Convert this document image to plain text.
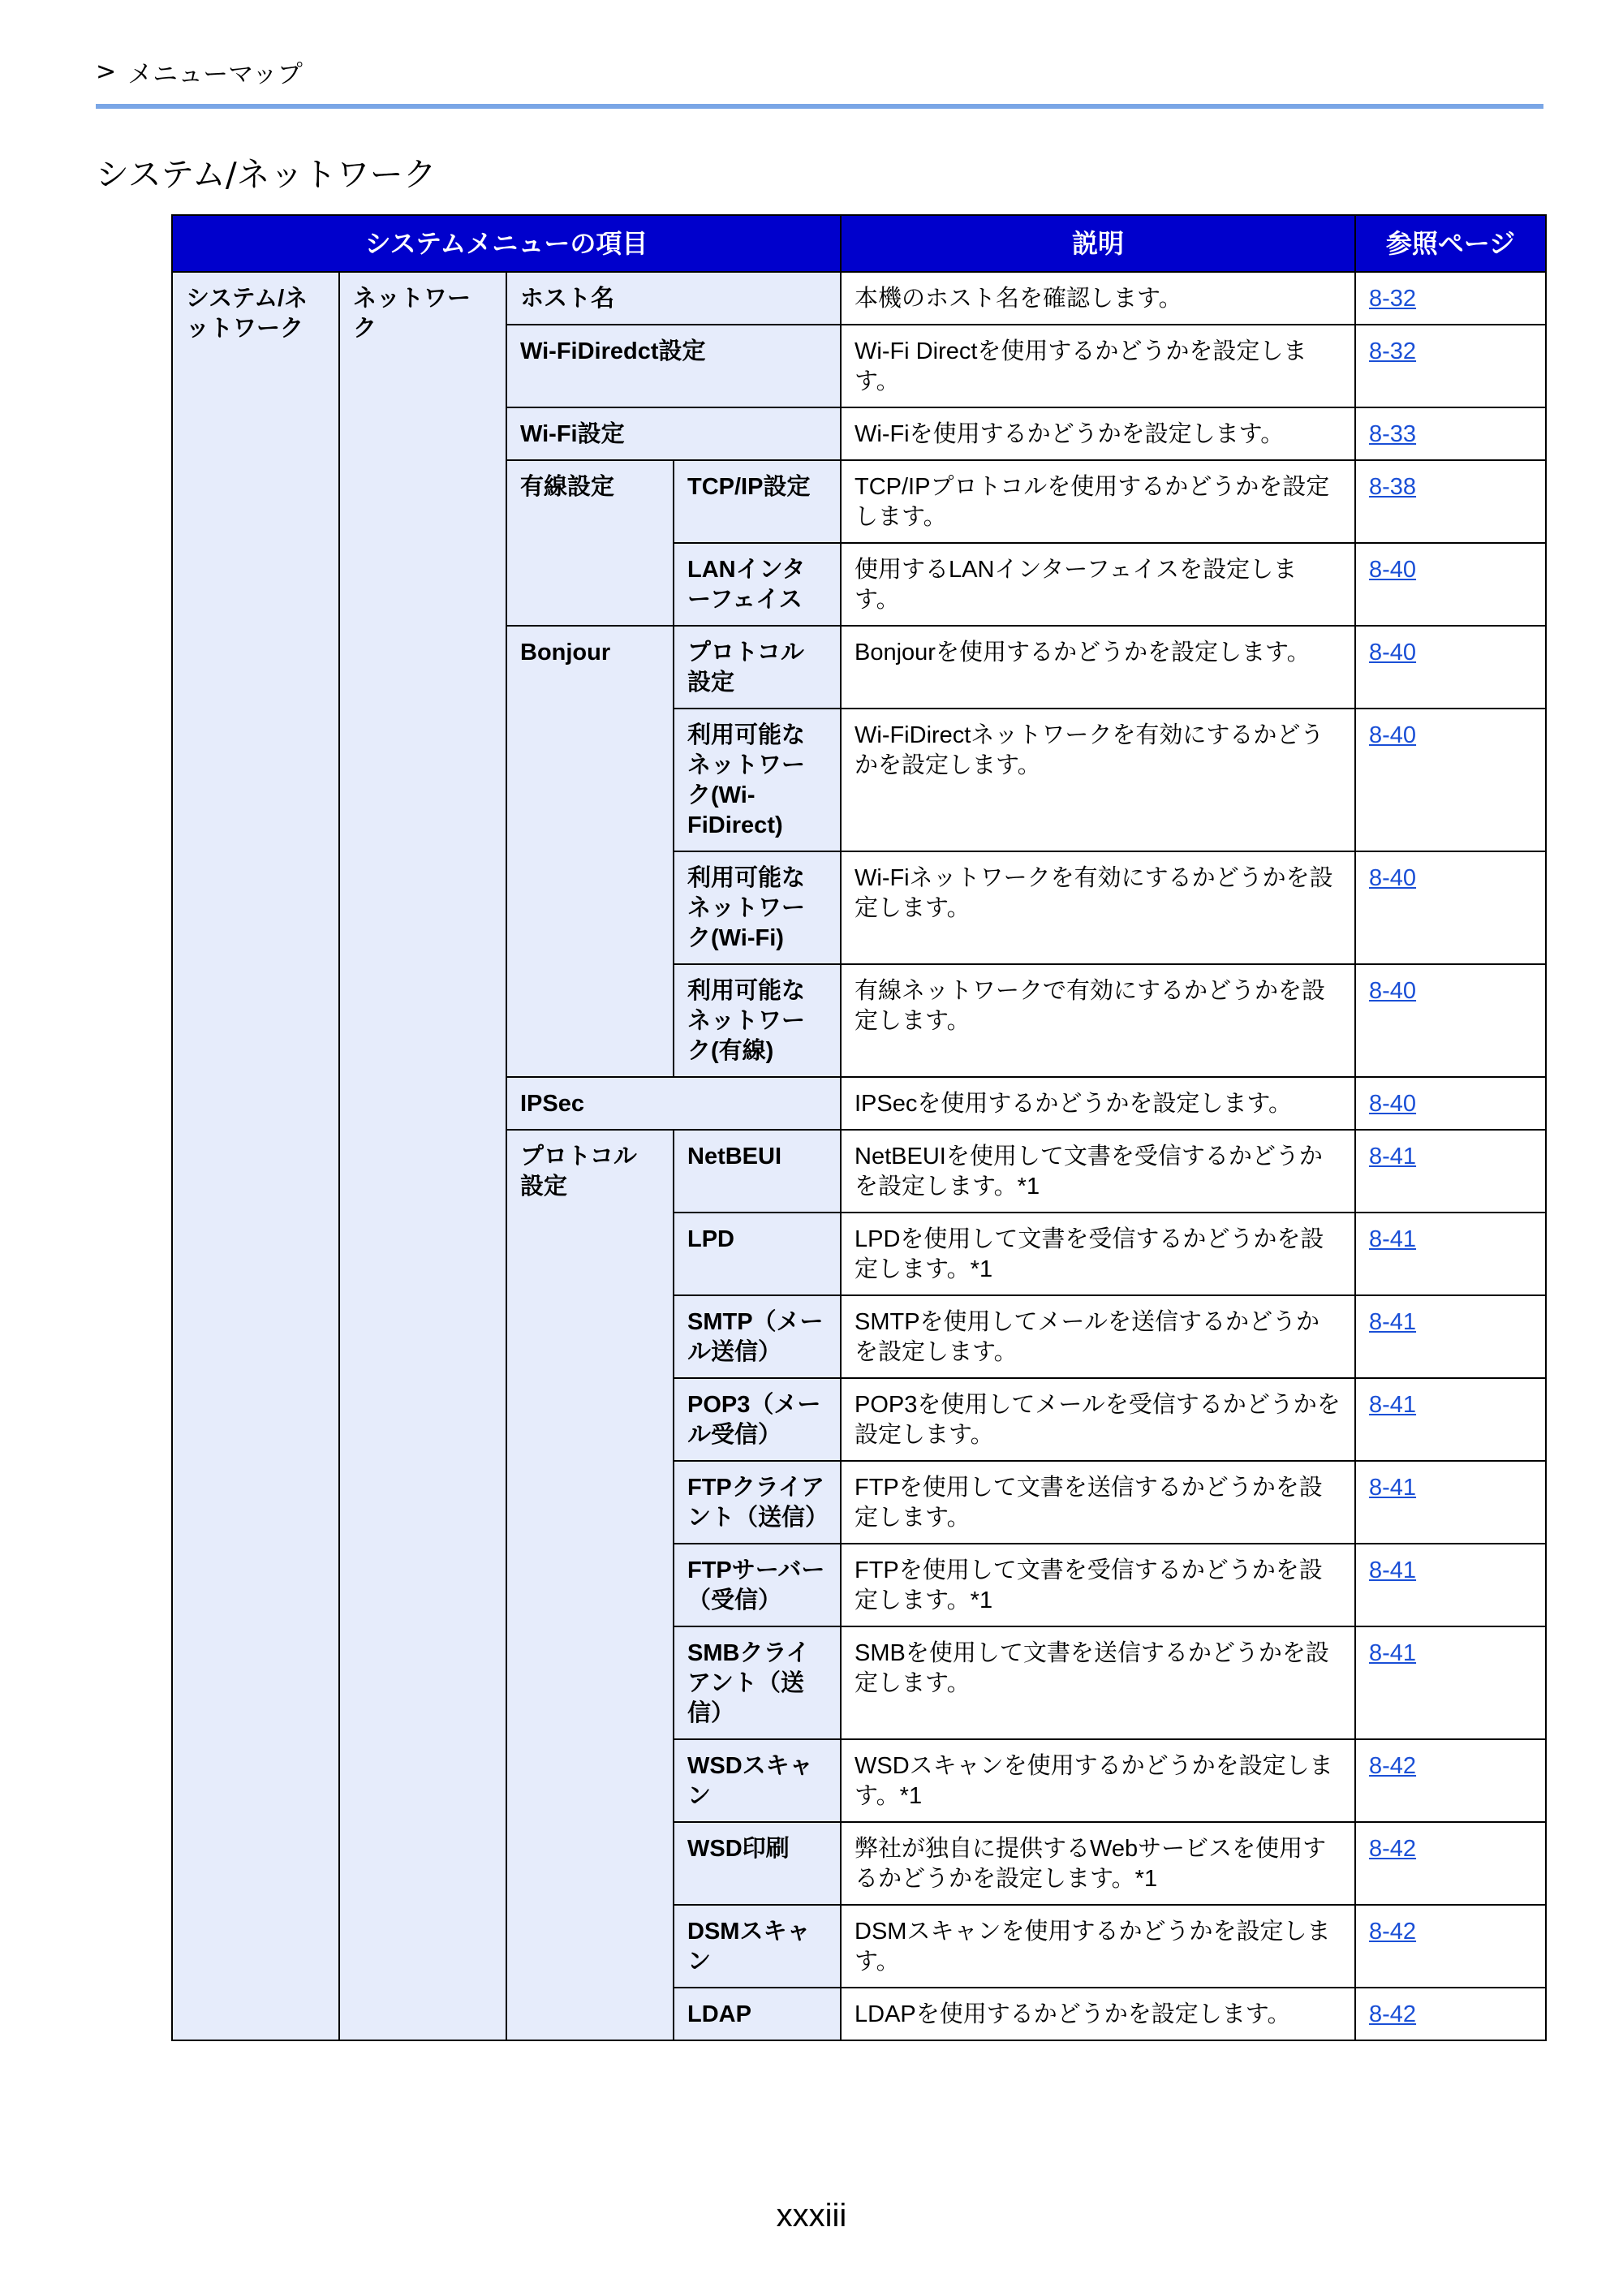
> メニューマップ
システム/ネットワーク
システムメニューの項目				説明	参照ページ
システム/ネットワーク	ネットワーク	ホスト名		本機のホスト名を確認します。	8-32
		Wi-FiDiredct設定		Wi-Fi Directを使用するかどうかを設定します。	8-32
		Wi-Fi設定		Wi-Fiを使用するかどうかを設定します。	8-33
		有線設定	TCP/IP設定	TCP/IPプロトコルを使用するかどうかを設定します。	8-38
			LANインターフェイス	使用するLANインターフェイスを設定します。	8-40
		Bonjour	プロトコル設定	Bonjourを使用するかどうかを設定します。	8-40
			利用可能なネットワーク(Wi-FiDirect)	Wi-FiDirectネットワークを有効にするかどうかを設定します。	8-40
			利用可能なネットワーク(Wi-Fi)	Wi-Fiネットワークを有効にするかどうかを設定します。	8-40
			利用可能なネットワーク(有線)	有線ネットワークで有効にするかどうかを設定します。	8-40
		IPSec		IPSecを使用するかどうかを設定します。	8-40
		プロトコル設定	NetBEUI	NetBEUIを使用して文書を受信するかどうかを設定します。*1	8-41
			LPD	LPDを使用して文書を受信するかどうかを設定します。*1	8-41
			SMTP（メール送信）	SMTPを使用してメールを送信するかどうかを設定します。	8-41
			POP3（メール受信）	POP3を使用してメールを受信するかどうかを設定します。	8-41
			FTPクライアント（送信）	FTPを使用して文書を送信するかどうかを設定します。	8-41
			FTPサーバー（受信）	FTPを使用して文書を受信するかどうかを設定します。*1	8-41
			SMBクライアント（送信）	SMBを使用して文書を送信するかどうかを設定します。	8-41
			WSDスキャン	WSDスキャンを使用するかどうかを設定します。*1	8-42
			WSD印刷	弊社が独自に提供するWebサービスを使用するかどうかを設定します。*1	8-42
			DSMスキャン	DSMスキャンを使用するかどうかを設定します。	8-42
			LDAP	LDAPを使用するかどうかを設定します。	8-42
xxxiii
